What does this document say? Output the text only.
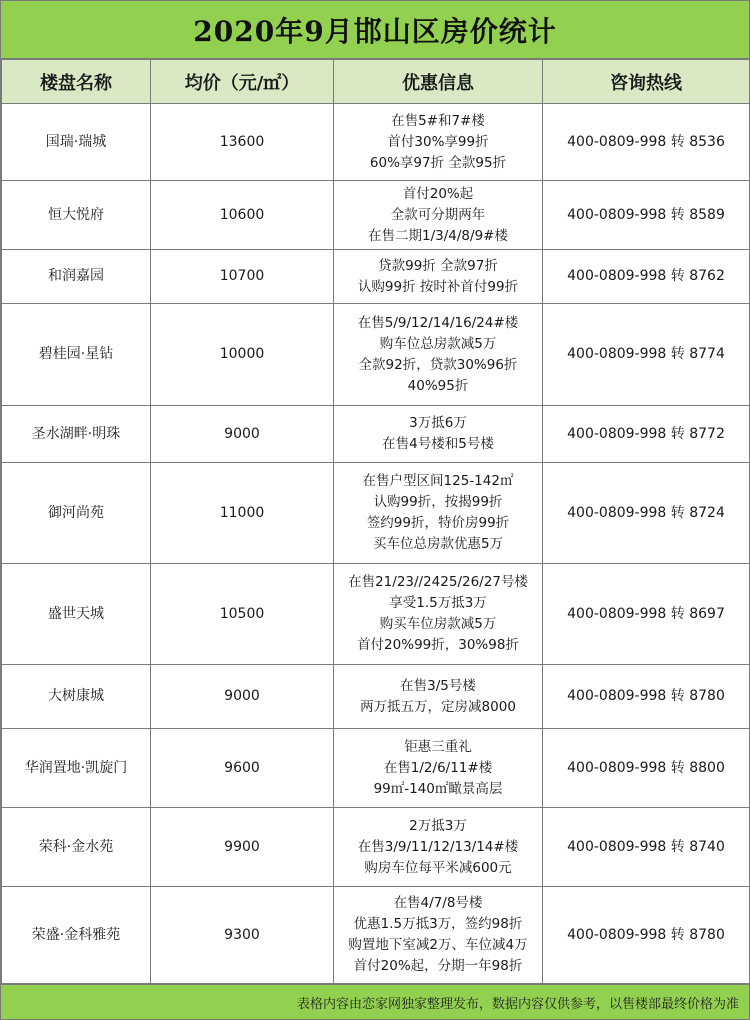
2020年9月邯山区房价统计
楼盘名称	均价（元/㎡）	优惠信息	咨询热线
国瑞·瑞城	13600	在售5#和7#楼
首付30%享99折
60%享97折 全款95折	400-0809-998 转 8536
恒大悦府	10600	首付20%起
全款可分期两年
在售二期1/3/4/8/9#楼	400-0809-998 转 8589
和润嘉园	10700	贷款99折 全款97折
认购99折 按时补首付99折	400-0809-998 转 8762
碧桂园·星钻	10000	在售5/9/12/14/16/24#楼
购车位总房款减5万
全款92折，贷款30%96折
40%95折	400-0809-998 转 8774
圣水湖畔·明珠	9000	3万抵6万
在售4号楼和5号楼	400-0809-998 转 8772
御河尚苑	11000	在售户型区间125-142㎡
认购99折，按揭99折
签约99折，特价房99折
买车位总房款优惠5万	400-0809-998 转 8724
盛世天城	10500	在售21/23//2425/26/27号楼
享受1.5万抵3万
购买车位房款减5万
首付20%99折，30%98折	400-0809-998 转 8697
大树康城	9000	在售3/5号楼
两万抵五万，定房减8000	400-0809-998 转 8780
华润置地·凯旋门	9600	钜惠三重礼
在售1/2/6/11#楼
99㎡-140㎡瞰景高层	400-0809-998 转 8800
荣科·金水苑	9900	2万抵3万
在售3/9/11/12/13/14#楼
购房车位每平米减600元	400-0809-998 转 8740
荣盛·金科雅苑	9300	在售4/7/8号楼
优惠1.5万抵3万，签约98折
购置地下室减2万、车位减4万
首付20%起，分期一年98折	400-0809-998 转 8780
表格内容由恋家网独家整理发布，数据内容仅供参考，以售楼部最终价格为准
